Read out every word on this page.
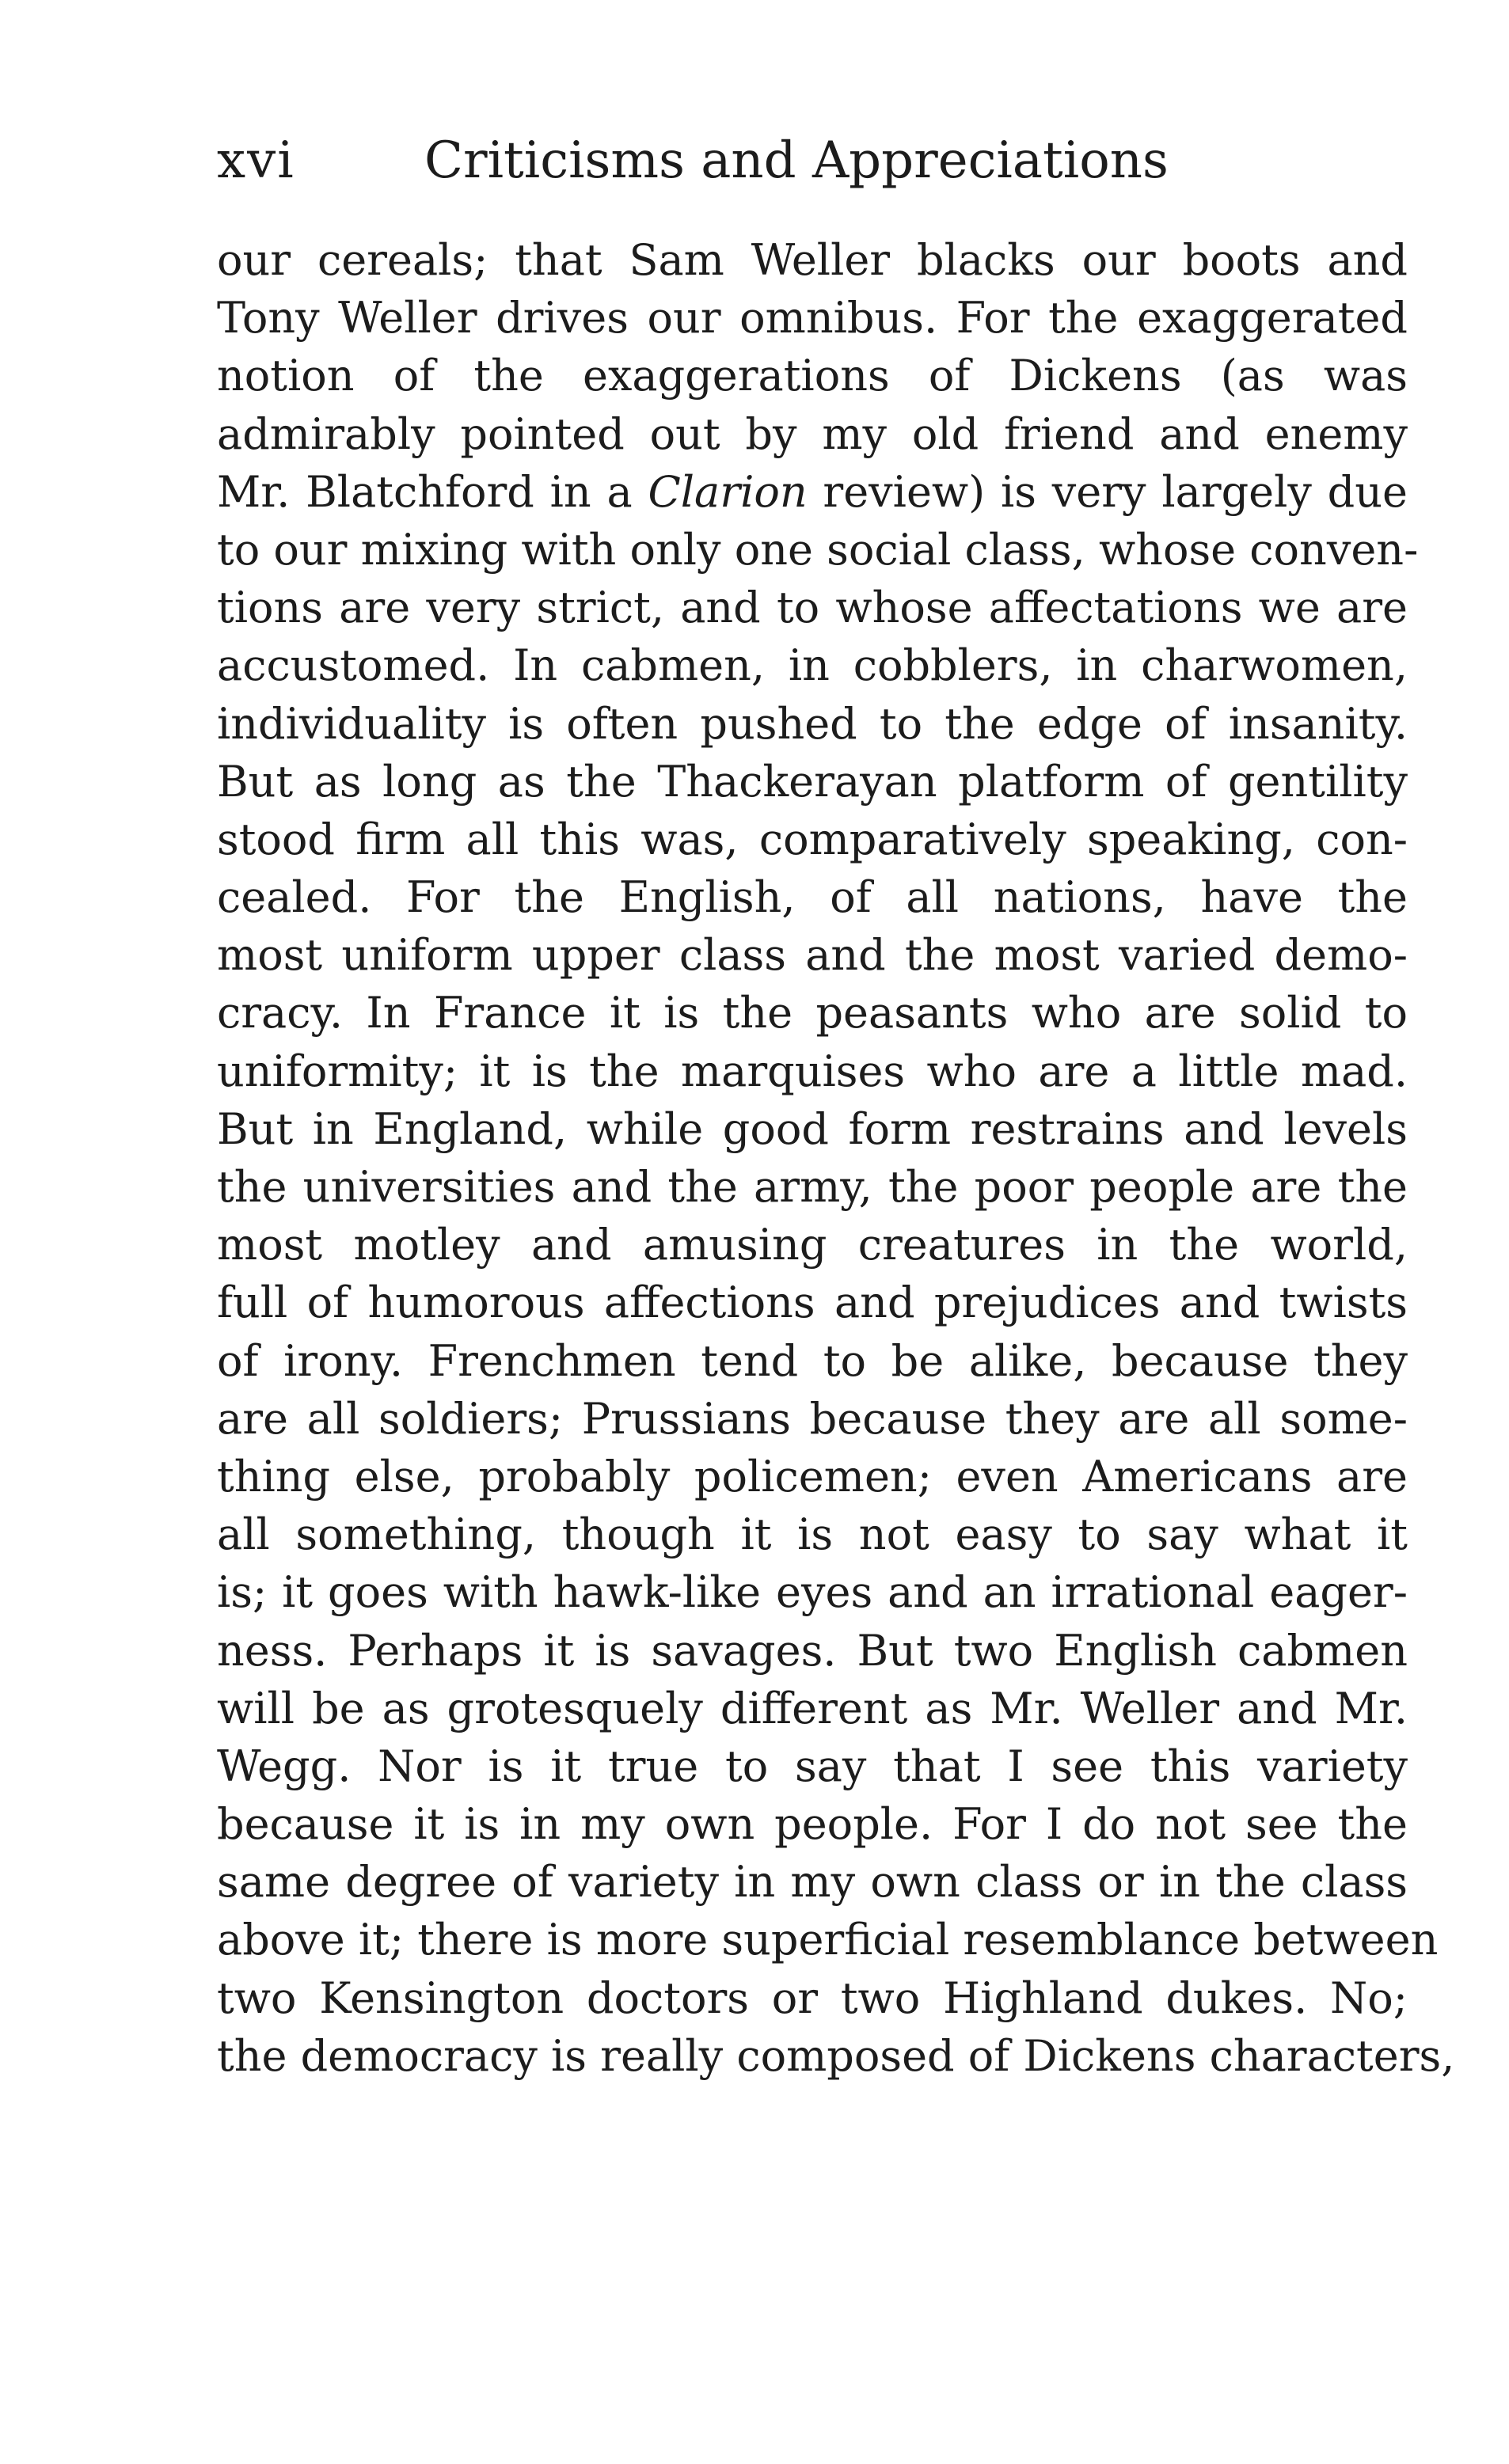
xvi	Criticisms and Appreciations
our cereals; that Sam Weller blacks our boots and
Tony Weller drives our omnibus. For the exaggerated
notion of the exaggerations of Dickens (as was
admirably pointed out by my old friend and enemy
Mr. Blatchford in a Clarion review) is very largely due
to our mixing with only one social class, whose conven-
tions are very strict, and to whose affectations we are
accustomed. In cabmen, in cobblers, in charwomen,
individuality is often pushed to the edge of insanity.
But as long as the Thackerayan platform of gentility
stood firm all this was, comparatively speaking, con-
cealed. For the English, of all nations, have the
most uniform upper class and the most varied demo-
cracy. In France it is the peasants who are solid to
uniformity; it is the marquises who are a little mad.
But in England, while good form restrains and levels
the universities and the army, the poor people are the
most motley and amusing creatures in the world,
full of humorous affections and prejudices and twists
of irony. Frenchmen tend to be alike, because they
are all soldiers; Prussians because they are all some-
thing else, probably policemen; even Americans are
all something, though it is not easy to say what it
is; it goes with hawk-like eyes and an irrational eager-
ness. Perhaps it is savages. But two English cabmen
will be as grotesquely different as Mr. Weller and Mr.
Wegg. Nor is it true to say that I see this variety
because it is in my own people. For I do not see the
same degree of variety in my own class or in the class
above it; there is more superficial resemblance between
two Kensington doctors or two Highland dukes. No;
the democracy is really composed of Dickens characters,
